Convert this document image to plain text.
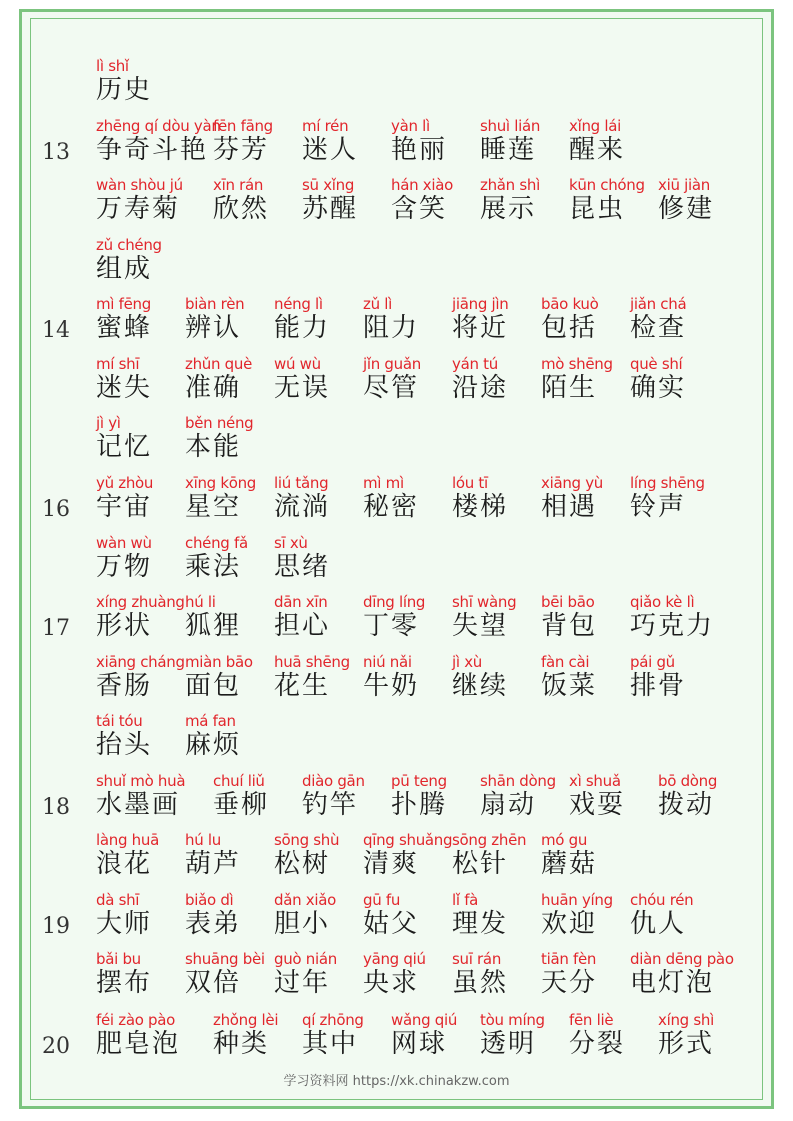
lì shǐ
历史
13
zhēng qí dòu yàn
争奇斗艳
fēn fāng
芬芳
mí rén
迷人
yàn lì
艳丽
shuì lián
睡莲
xǐng lái
醒来
wàn shòu jú
万寿菊
xīn rán
欣然
sū xǐng
苏醒
hán xiào
含笑
zhǎn shì
展示
kūn chóng
昆虫
xiū jiàn
修建
zǔ chéng
组成
14
mì fēng
蜜蜂
biàn rèn
辨认
néng lì
能力
zǔ lì
阻力
jiāng jìn
将近
bāo kuò
包括
jiǎn chá
检查
mí shī
迷失
zhǔn què
准确
wú wù
无误
jǐn guǎn
尽管
yán tú
沿途
mò shēng
陌生
què shí
确实
jì yì
记忆
běn néng
本能
16
yǔ zhòu
宇宙
xīng kōng
星空
liú tǎng
流淌
mì mì
秘密
lóu tī
楼梯
xiāng yù
相遇
líng shēng
铃声
wàn wù
万物
chéng fǎ
乘法
sī xù
思绪
17
xíng zhuàng
形状
hú li
狐狸
dān xīn
担心
dīng líng
丁零
shī wàng
失望
bēi bāo
背包
qiǎo kè lì
巧克力
xiāng cháng
香肠
miàn bāo
面包
huā shēng
花生
niú nǎi
牛奶
jì xù
继续
fàn cài
饭菜
pái gǔ
排骨
tái tóu
抬头
má fan
麻烦
18
shuǐ mò huà
水墨画
chuí liǔ
垂柳
diào gān
钓竿
pū teng
扑腾
shān dòng
扇动
xì shuǎ
戏耍
bō dòng
拨动
làng huā
浪花
hú lu
葫芦
sōng shù
松树
qīng shuǎng
清爽
sōng zhēn
松针
mó gu
蘑菇
19
dà shī
大师
biǎo dì
表弟
dǎn xiǎo
胆小
gū fu
姑父
lǐ fà
理发
huān yíng
欢迎
chóu rén
仇人
bǎi bu
摆布
shuāng bèi
双倍
guò nián
过年
yāng qiú
央求
suī rán
虽然
tiān fèn
天分
diàn dēng pào
电灯泡
20
féi zào pào
肥皂泡
zhǒng lèi
种类
qí zhōng
其中
wǎng qiú
网球
tòu míng
透明
fēn liè
分裂
xíng shì
形式
学习资料网 https://xk.chinakzw.com
